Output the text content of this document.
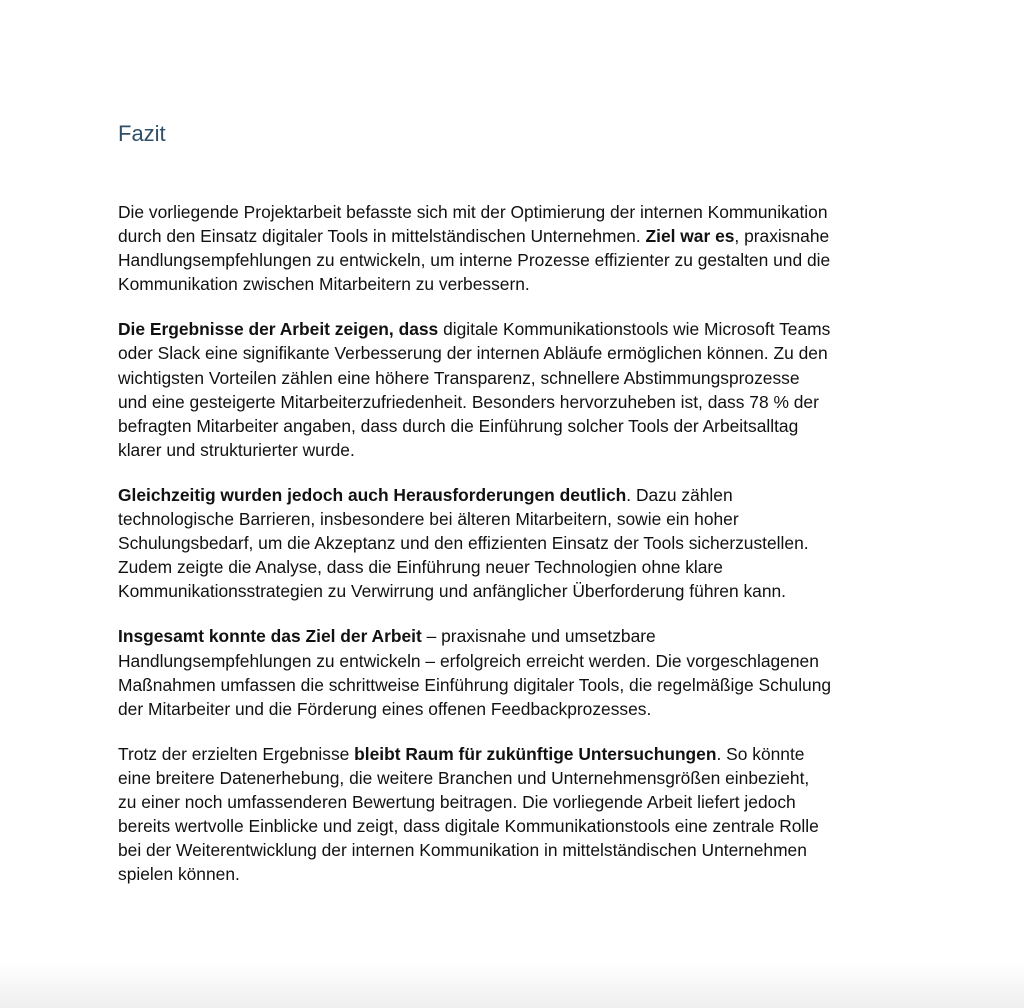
Fazit

Die vorliegende Projektarbeit befasste sich mit der Optimierung der internen Kommunikation
durch den Einsatz digitaler Tools in mittelständischen Unternehmen. Ziel war es, praxisnahe
Handlungsempfehlungen zu entwickeln, um interne Prozesse effizienter zu gestalten und die
Kommunikation zwischen Mitarbeitern zu verbessern.

Die Ergebnisse der Arbeit zeigen, dass digitale Kommunikationstools wie Microsoft Teams
oder Slack eine signifikante Verbesserung der internen Abläufe ermöglichen können. Zu den
wichtigsten Vorteilen zählen eine höhere Transparenz, schnellere Abstimmungsprozesse
und eine gesteigerte Mitarbeiterzufriedenheit. Besonders hervorzuheben ist, dass 78 % der
befragten Mitarbeiter angaben, dass durch die Einführung solcher Tools der Arbeitsalltag
klarer und strukturierter wurde.

Gleichzeitig wurden jedoch auch Herausforderungen deutlich. Dazu zählen
technologische Barrieren, insbesondere bei älteren Mitarbeitern, sowie ein hoher
Schulungsbedarf, um die Akzeptanz und den effizienten Einsatz der Tools sicherzustellen.
Zudem zeigte die Analyse, dass die Einführung neuer Technologien ohne klare
Kommunikationsstrategien zu Verwirrung und anfänglicher Überforderung führen kann.

Insgesamt konnte das Ziel der Arbeit – praxisnahe und umsetzbare
Handlungsempfehlungen zu entwickeln – erfolgreich erreicht werden. Die vorgeschlagenen
Maßnahmen umfassen die schrittweise Einführung digitaler Tools, die regelmäßige Schulung
der Mitarbeiter und die Förderung eines offenen Feedbackprozesses.

Trotz der erzielten Ergebnisse bleibt Raum für zukünftige Untersuchungen. So könnte
eine breitere Datenerhebung, die weitere Branchen und Unternehmensgrößen einbezieht,
zu einer noch umfassenderen Bewertung beitragen. Die vorliegende Arbeit liefert jedoch
bereits wertvolle Einblicke und zeigt, dass digitale Kommunikationstools eine zentrale Rolle
bei der Weiterentwicklung der internen Kommunikation in mittelständischen Unternehmen
spielen können.
